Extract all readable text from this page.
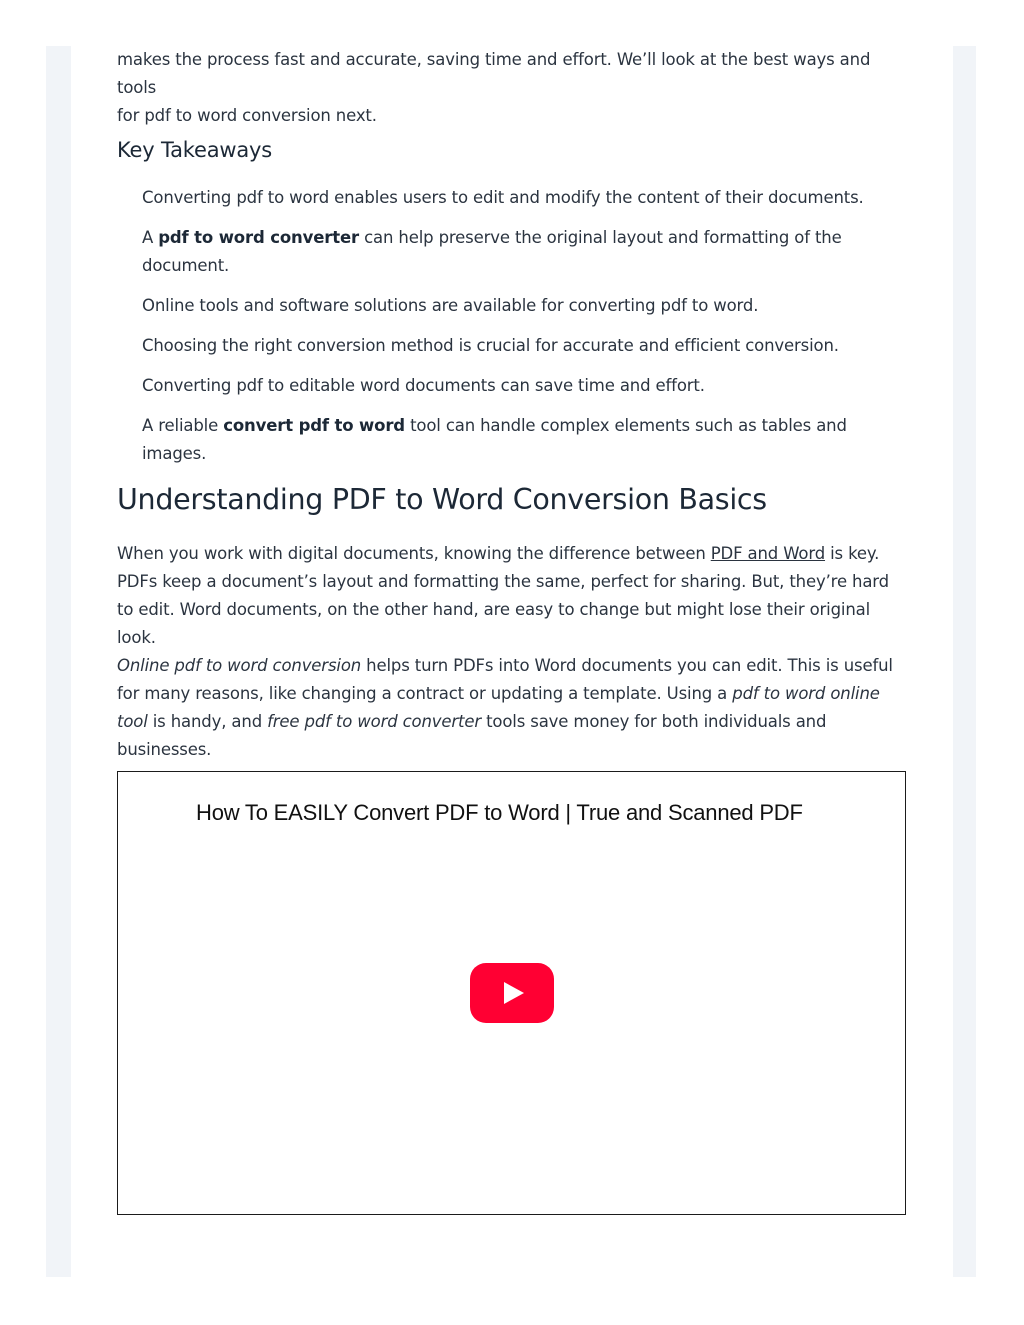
makes the process fast and accurate, saving time and effort. We’ll look at the best ways and tools
for pdf to word conversion next.

Key Takeaways
Converting pdf to word enables users to edit and modify the content of their documents.
A pdf to word converter can help preserve the original layout and formatting of the document.
Online tools and software solutions are available for converting pdf to word.
Choosing the right conversion method is crucial for accurate and efficient conversion.
Converting pdf to editable word documents can save time and effort.
A reliable convert pdf to word tool can handle complex elements such as tables and images.
Understanding PDF to Word Conversion Basics

When you work with digital documents, knowing the difference between PDF and Word is key. PDFs keep a document’s layout and formatting the same, perfect for sharing. But, they’re hard to edit. Word documents, on the other hand, are easy to change but might lose their original look.

Online pdf to word conversion helps turn PDFs into Word documents you can edit. This is useful for many reasons, like changing a contract or updating a template. Using a pdf to word online tool is handy, and free pdf to word converter tools save money for both individuals and businesses.

How To EASILY Convert PDF to Word | True and Scanned PDF
